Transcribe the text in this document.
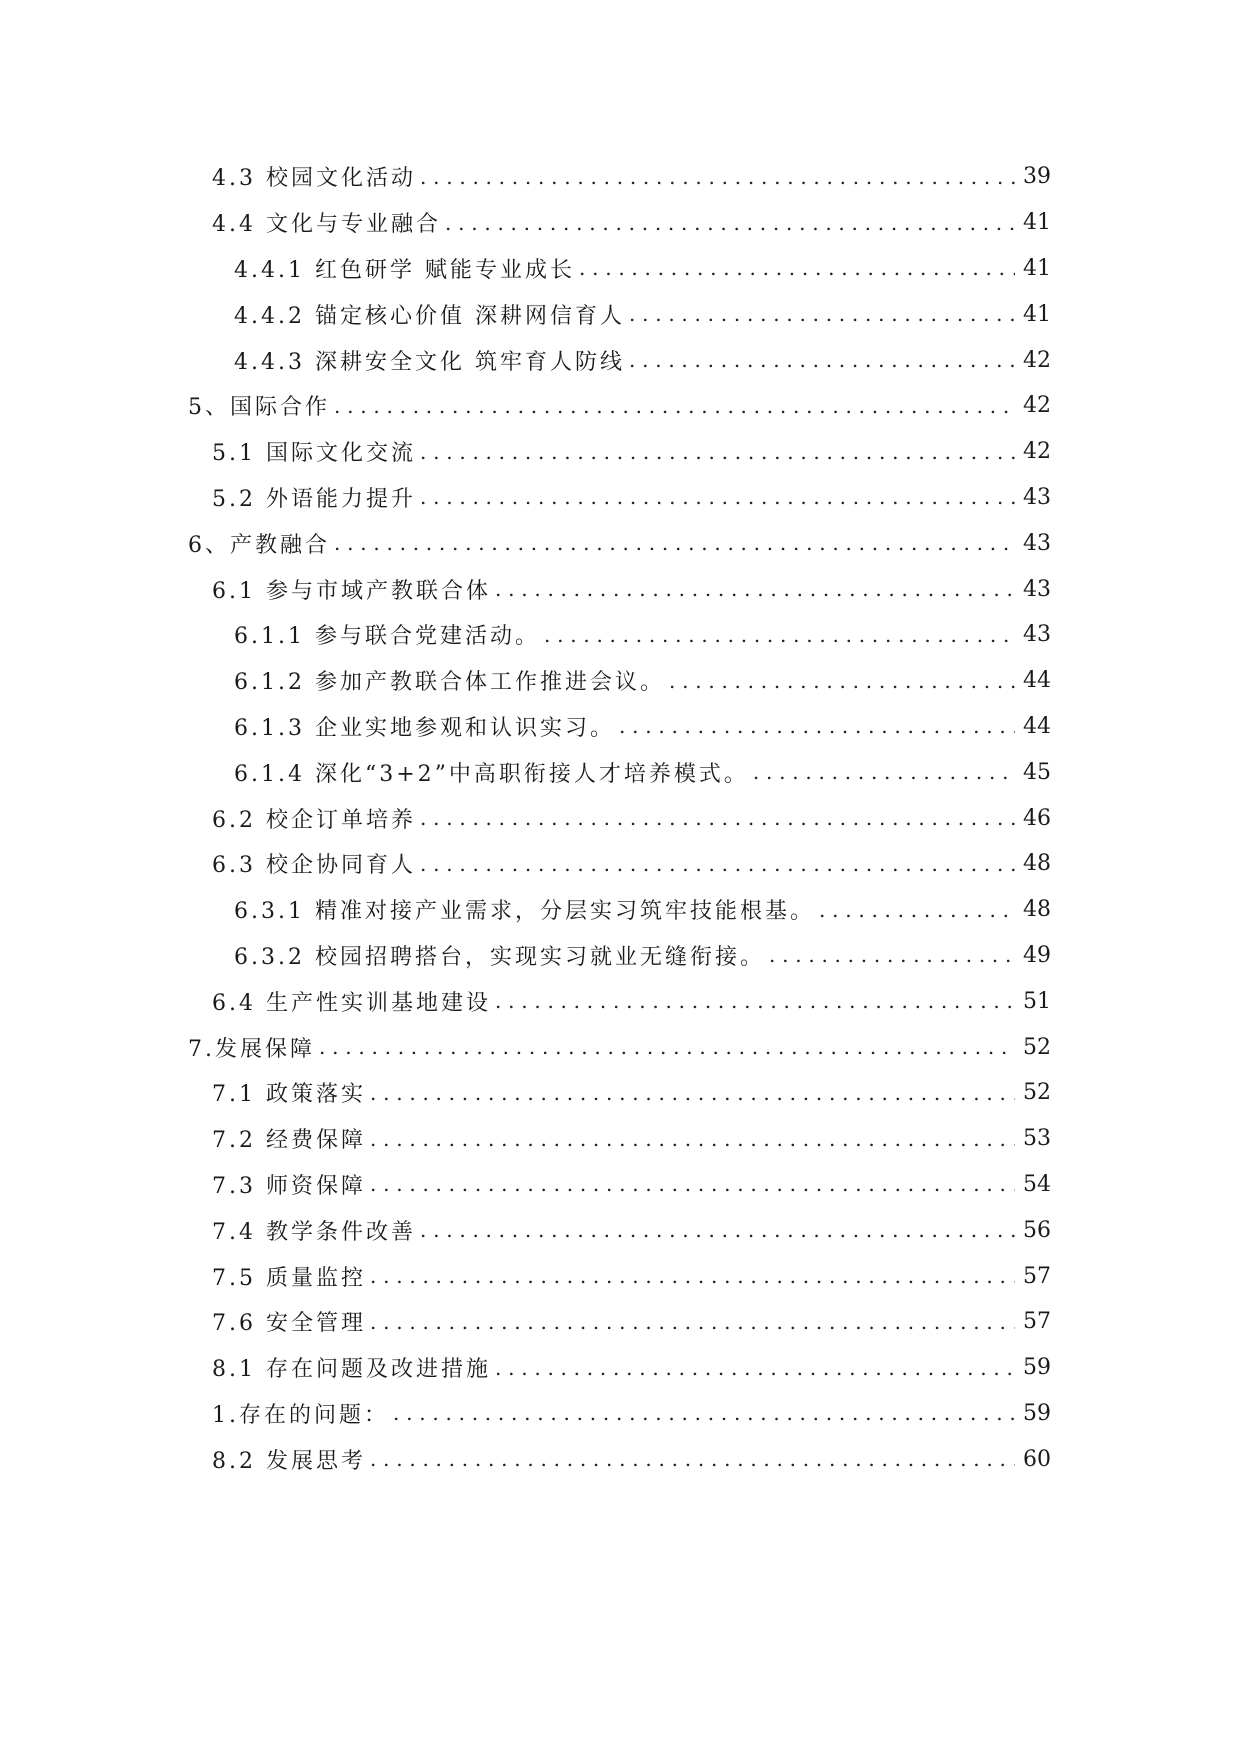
4.3 校园文化活动 . . .	39
4.4 文化与专业融合 . . .	41
4.4.1 红色研学 赋能专业成长 . . .	41
4.4.2 锚定核心价值 深耕网信育人 . . .	41
4.4.3 深耕安全文化 筑牢育人防线 . . .	42
5、国际合作 . . .	42
5.1 国际文化交流 . . .	42
5.2 外语能力提升 . . .	43
6、产教融合 . . .	43
6.1 参与市域产教联合体 . . .	43
6.1.1 参与联合党建活动。 . . .	43
6.1.2 参加产教联合体工作推进会议。 . . .	44
6.1.3 企业实地参观和认识实习。 . . .	44
6.1.4 深化“3+2”中高职衔接人才培养模式。 . . .	45
6.2 校企订单培养 . . .	46
6.3 校企协同育人 . . .	48
6.3.1 精准对接产业需求，分层实习筑牢技能根基。 . . .	48
6.3.2 校园招聘搭台，实现实习就业无缝衔接。 . . .	49
6.4 生产性实训基地建设 . . .	51
7.发展保障 . . .	52
7.1 政策落实 . . .	52
7.2 经费保障 . . .	53
7.3 师资保障 . . .	54
7.4 教学条件改善 . . .	56
7.5 质量监控 . . .	57
7.6 安全管理 . . .	57
8.1 存在问题及改进措施 . . .	59
1.存在的问题： . . .	59
8.2 发展思考 . . .	60
